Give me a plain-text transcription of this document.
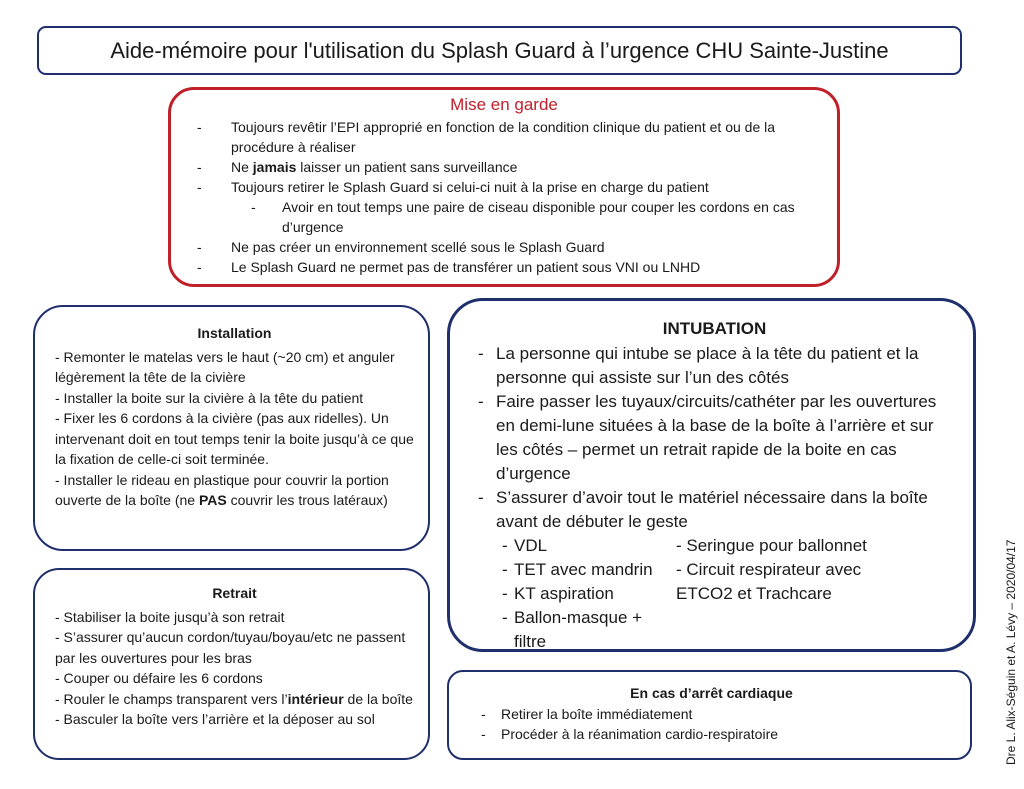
Aide-mémoire pour l'utilisation du Splash Guard à l’urgence CHU Sainte-Justine
Mise en garde
- Toujours revêtir l’EPI approprié en fonction de la condition clinique du patient et ou de la procédure à réaliser
- Ne jamais laisser un patient sans surveillance
- Toujours retirer le Splash Guard si celui-ci nuit à la prise en charge du patient
- Avoir en tout temps une paire de ciseau disponible pour couper les cordons en cas d’urgence
- Ne pas créer un environnement scellé sous le Splash Guard
- Le Splash Guard ne permet pas de transférer un patient sous VNI ou LNHD
Installation

- Remonter le matelas vers le haut (~20 cm) et anguler légèrement la tête de la civière

- Installer la boite sur la civière à la tête du patient

- Fixer les 6 cordons à la civière (pas aux ridelles). Un intervenant doit en tout temps tenir la boite jusqu’à ce que la fixation de celle-ci soit terminée.

- Installer le rideau en plastique pour couvrir la portion ouverte de la boîte (ne PAS couvrir les trous latéraux)

INTUBATION
- La personne qui intube se place à la tête du patient et la personne qui assiste sur l’un des côtés
- Faire passer les tuyaux/circuits/cathéter par les ouvertures en demi-lune situées à la base de la boîte à l’arrière et sur les côtés – permet un retrait rapide de la boite en cas d’urgence
- S’assurer d’avoir tout le matériel nécessaire dans la boîte avant de débuter le geste
- VDL
- TET avec mandrin
- KT aspiration
- Ballon-masque + filtre
- Seringue pour ballonnet
- Circuit respirateur avec ETCO2 et Trachcare
Retrait

- Stabiliser la boite jusqu’à son retrait

- S’assurer qu’aucun cordon/tuyau/boyau/etc ne passent par les ouvertures pour les bras

- Couper ou défaire les 6 cordons

- Rouler le champs transparent vers l’intérieur de la boîte

- Basculer la boîte vers l’arrière et la déposer au sol

En cas d’arrêt cardiaque
- Retirer la boîte immédiatement
- Procéder à la réanimation cardio-respiratoire	Dre L. Alix-Séguin et A. Lévy – 2020/04/17
